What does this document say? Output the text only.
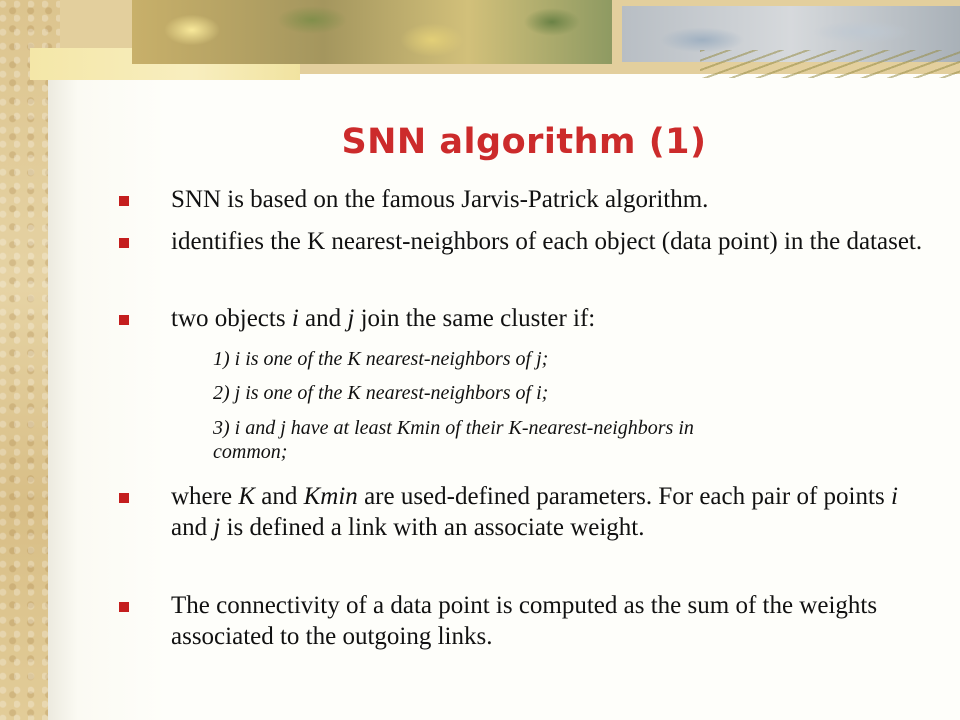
SNN algorithm (1)
SNN is based on the famous Jarvis-Patrick algorithm.
identifies the K nearest-neighbors of each object (data point) in the dataset.
two objects i and j join the same cluster if:
1) i is one of the K nearest-neighbors of j;
2) j is one of the K nearest-neighbors of i;
3) i and j have at least Kmin of their K-nearest-neighbors in common;
where K and Kmin are used-defined parameters. For each pair of points i and j is defined a link with an associate weight.
The connectivity of a data point is computed as the sum of the weights associated to the outgoing links.
